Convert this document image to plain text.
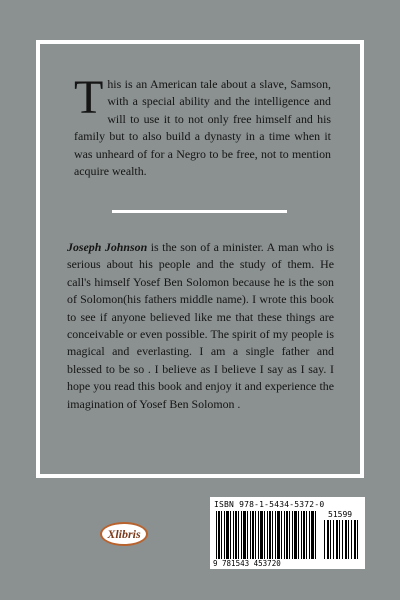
This is an American tale about a slave, Samson, with a special ability and the intelligence and will to use it to not only free himself and his family but to also build a dynasty in a time when it was unheard of for a Negro to be free, not to mention acquire wealth.

Joseph Johnson is the son of a minister. A man who is serious about his people and the study of them. He call's himself Yosef Ben Solomon because he is the son of Solomon(his fathers middle name). I wrote this book to see if anyone believed like me that these things are conceivable or even possible. The spirit of my people is magical and everlasting. I am a single father and blessed to be so . I believe as I believe I say as I say. I hope you read this book and enjoy it and experience the imagination of Yosef Ben Solomon .

Xlibris
ISBN 978-1-5434-5372-0
51599
9 781543 453720
